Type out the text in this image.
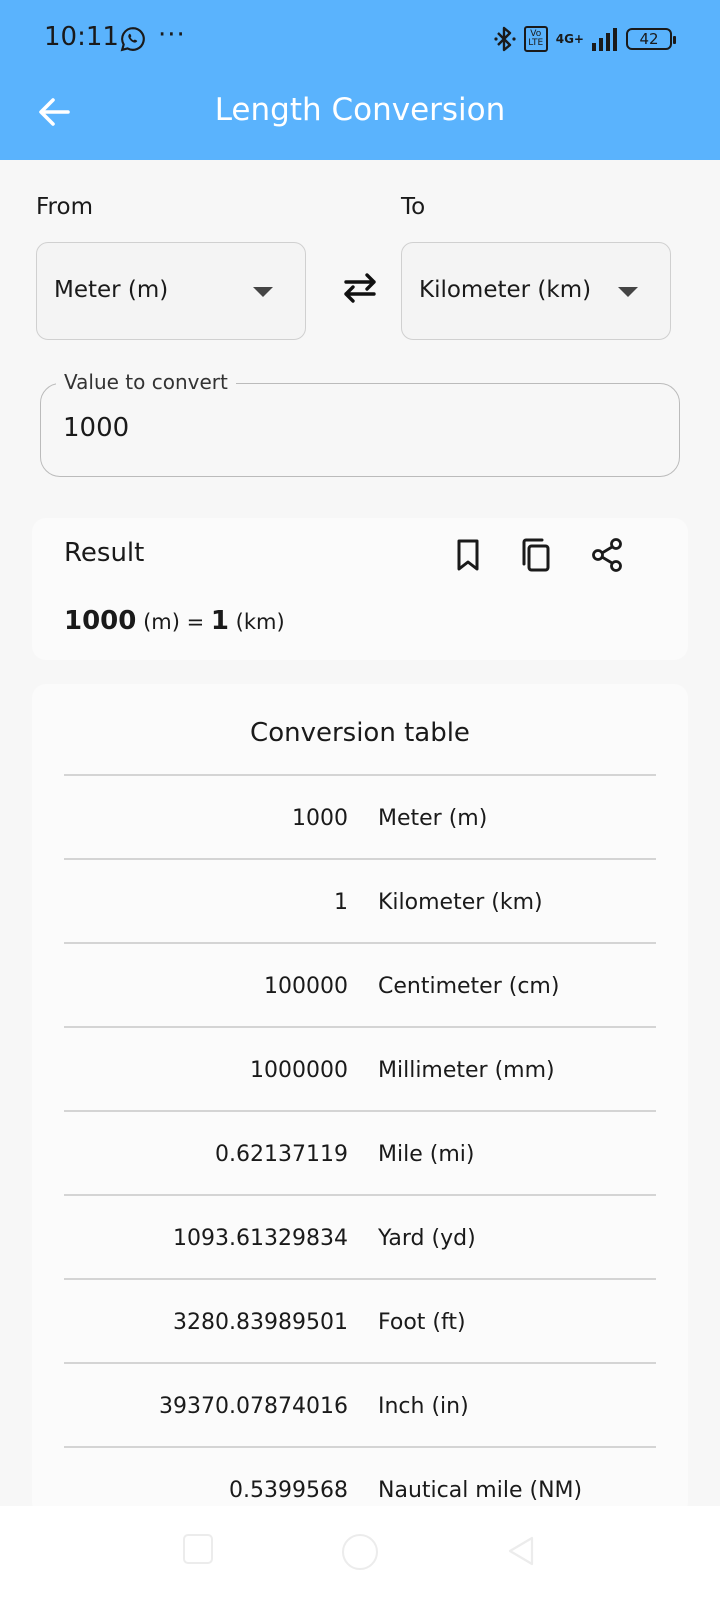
10:11 ···	Vo LTE	4G+	42
Length Conversion
From	To
Meter (m)	Kilometer (km)
Value to convert
1000
Result
1000 (m) = 1 (km)
Conversion table
1000 Meter (m)
1 Kilometer (km)
100000 Centimeter (cm)
1000000 Millimeter (mm)
0.62137119 Mile (mi)
1093.61329834 Yard (yd)
3280.83989501 Foot (ft)
39370.07874016 Inch (in)
0.5399568 Nautical mile (NM)
